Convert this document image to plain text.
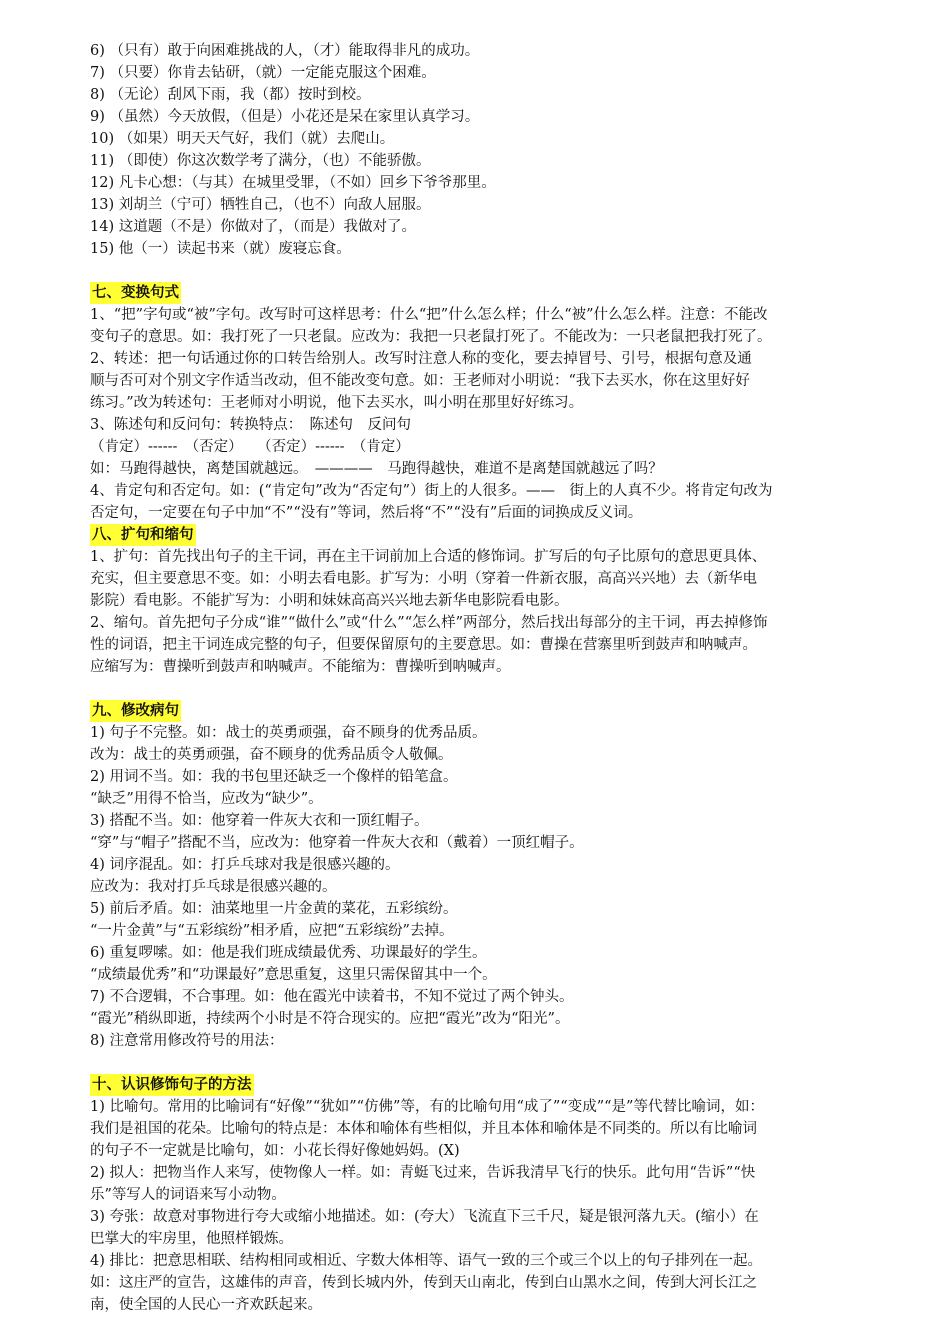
6) （只有）敢于向困难挑战的人，（才）能取得非凡的成功。
7) （只要）你肯去钻研，（就）一定能克服这个困难。
8) （无论）刮风下雨，我（都）按时到校。
9) （虽然）今天放假，（但是）小花还是呆在家里认真学习。
10) （如果）明天天气好，我们（就）去爬山。
11) （即使）你这次数学考了满分，（也）不能骄傲。
12) 凡卡心想：（与其）在城里受罪，（不如）回乡下爷爷那里。
13) 刘胡兰（宁可）牺牲自己，（也不）向敌人屈服。
14) 这道题（不是）你做对了，（而是）我做对了。
15) 他（一）读起书来（就）废寝忘食。
七、变换句式
1、“把”字句或“被”字句。改写时可这样思考：什么“把”什么怎么样；什么“被”什么怎么样。注意：不能改
变句子的意思。如：我打死了一只老鼠。应改为：我把一只老鼠打死了。不能改为：一只老鼠把我打死了。
2、转述：把一句话通过你的口转告给别人。改写时注意人称的变化，要去掉冒号、引号，根据句意及通
顺与否可对个别文字作适当改动，但不能改变句意。如：王老师对小明说：“我下去买水，你在这里好好
练习。”改为转述句：王老师对小明说，他下去买水，叫小明在那里好好练习。
3、陈述句和反问句：转换特点：　陈述句　反问句
（肯定）------　（否定）　　（否定）------　（肯定）
如：马跑得越快，离楚国就越远。　————　马跑得越快，难道不是离楚国就越远了吗？
4、肯定句和否定句。如：(“肯定句”改为“否定句”）街上的人很多。——　街上的人真不少。将肯定句改为
否定句，一定要在句子中加“不”“没有”等词，然后将“不”“没有”后面的词换成反义词。
八、扩句和缩句
1、扩句：首先找出句子的主干词，再在主干词前加上合适的修饰词。扩写后的句子比原句的意思更具体、
充实，但主要意思不变。如：小明去看电影。扩写为：小明（穿着一件新衣服，高高兴兴地）去（新华电
影院）看电影。不能扩写为：小明和妹妹高高兴兴地去新华电影院看电影。
2、缩句。首先把句子分成“谁”“做什么”或“什么”“怎么样”两部分，然后找出每部分的主干词，再去掉修饰
性的词语，把主干词连成完整的句子，但要保留原句的主要意思。如：曹操在营寨里听到鼓声和呐喊声。
应缩写为：曹操听到鼓声和呐喊声。不能缩为：曹操听到呐喊声。
九、修改病句
1) 句子不完整。如：战士的英勇顽强，奋不顾身的优秀品质。
改为：战士的英勇顽强，奋不顾身的优秀品质令人敬佩。
2) 用词不当。如：我的书包里还缺乏一个像样的铅笔盒。
“缺乏”用得不恰当，应改为“缺少”。
3) 搭配不当。如：他穿着一件灰大衣和一顶红帽子。
“穿”与“帽子”搭配不当，应改为：他穿着一件灰大衣和（戴着）一顶红帽子。
4) 词序混乱。如：打乒乓球对我是很感兴趣的。
应改为：我对打乒乓球是很感兴趣的。
5) 前后矛盾。如：油菜地里一片金黄的菜花，五彩缤纷。
“一片金黄”与“五彩缤纷”相矛盾，应把“五彩缤纷”去掉。
6) 重复啰嗦。如：他是我们班成绩最优秀、功课最好的学生。
“成绩最优秀”和“功课最好”意思重复，这里只需保留其中一个。
7) 不合逻辑，不合事理。如：他在霞光中读着书，不知不觉过了两个钟头。
“霞光”稍纵即逝，持续两个小时是不符合现实的。应把“霞光”改为“阳光”。
8) 注意常用修改符号的用法：
十、认识修饰句子的方法
1) 比喻句。常用的比喻词有“好像”“犹如”“仿佛”等，有的比喻句用“成了”“变成”“是”等代替比喻词，如：
我们是祖国的花朵。比喻句的特点是：本体和喻体有些相似，并且本体和喻体是不同类的。所以有比喻词
的句子不一定就是比喻句，如：小花长得好像她妈妈。(X)
2) 拟人：把物当作人来写，使物像人一样。如：青蜓飞过来，告诉我清早飞行的快乐。此句用“告诉”“快
乐”等写人的词语来写小动物。
3) 夸张：故意对事物进行夸大或缩小地描述。如：(夸大）飞流直下三千尺，疑是银河落九天。(缩小）在
巴掌大的牢房里，他照样锻炼。
4) 排比：把意思相联、结构相同或相近、字数大体相等、语气一致的三个或三个以上的句子排列在一起。
如：这庄严的宣告，这雄伟的声音，传到长城内外，传到天山南北，传到白山黑水之间，传到大河长江之
南，使全国的人民心一齐欢跃起来。
